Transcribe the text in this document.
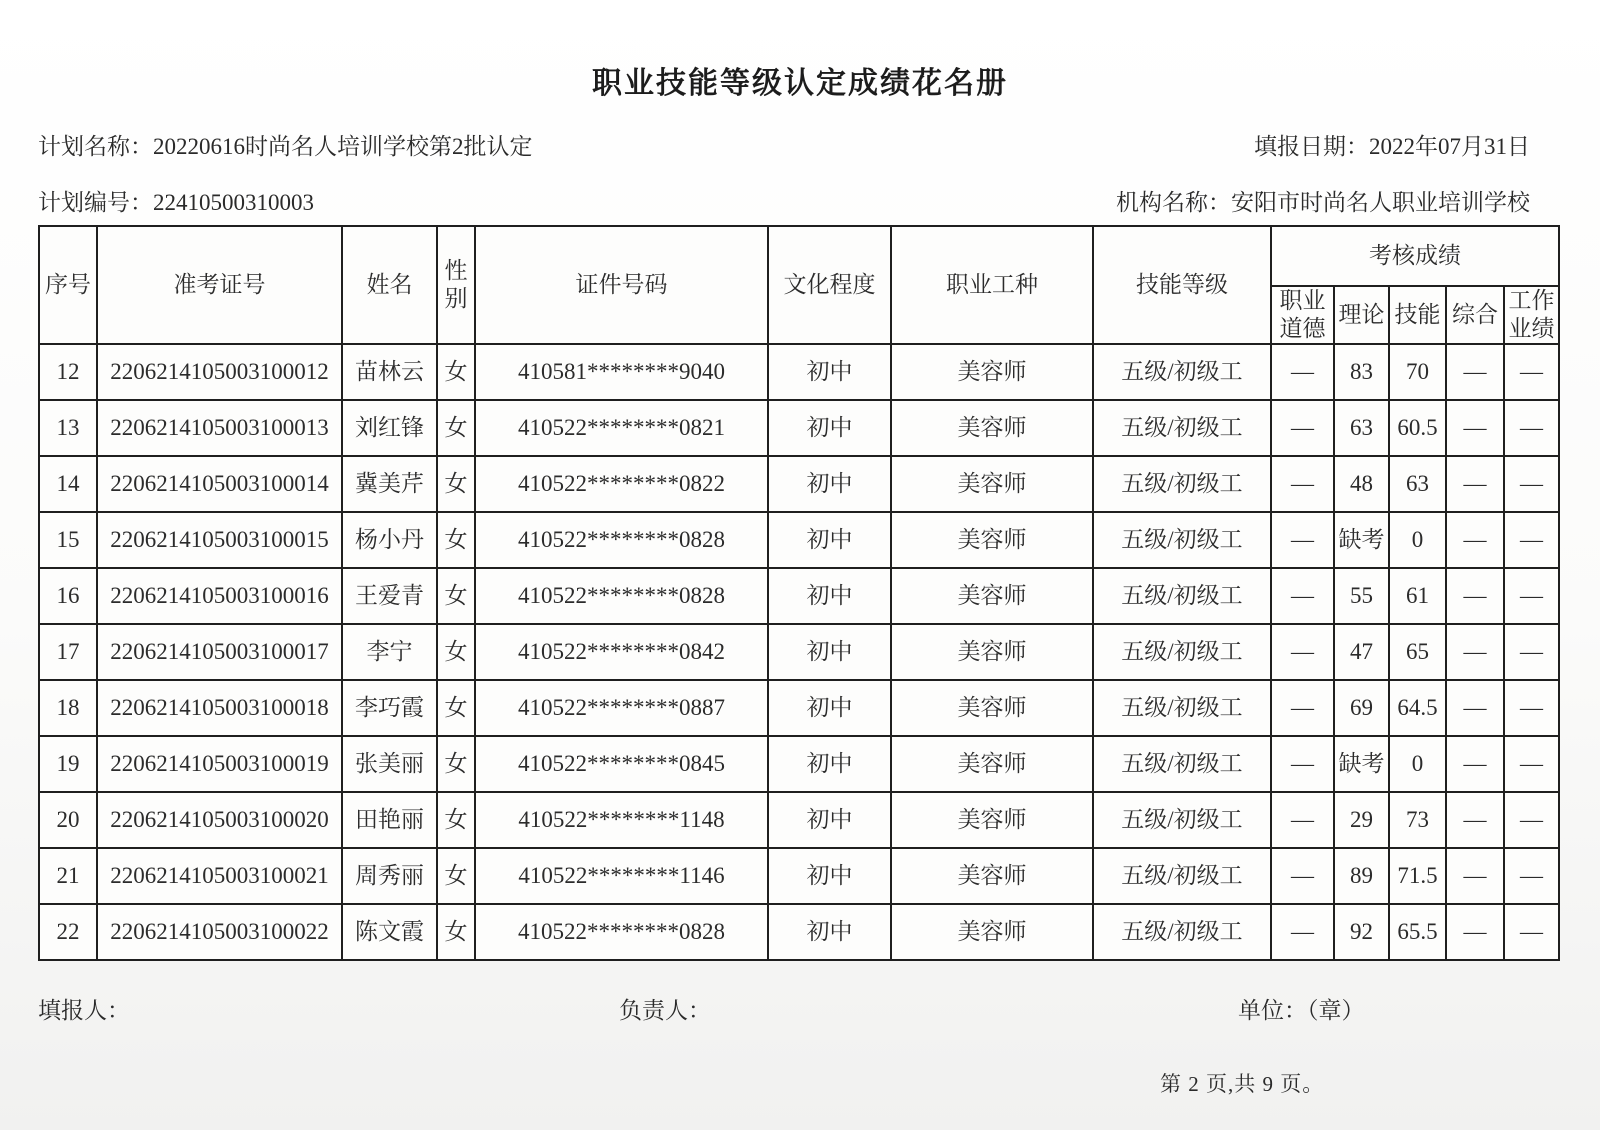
职业技能等级认定成绩花名册
计划名称：20220616时尚名人培训学校第2批认定	填报日期：2022年07月31日
计划编号：22410500310003	机构名称：安阳市时尚名人职业培训学校
序号	准考证号	姓名	性别	证件号码	文化程度	职业工种	技能等级	考核成绩				
								职业道德	理论	技能	综合	工作业绩
12	2206214105003100012	苗林云	女	410581********9040	初中	美容师	五级/初级工	—	83	70	—	—
13	2206214105003100013	刘红锋	女	410522********0821	初中	美容师	五级/初级工	—	63	60.5	—	—
14	2206214105003100014	冀美芹	女	410522********0822	初中	美容师	五级/初级工	—	48	63	—	—
15	2206214105003100015	杨小丹	女	410522********0828	初中	美容师	五级/初级工	—	缺考	0	—	—
16	2206214105003100016	王爱青	女	410522********0828	初中	美容师	五级/初级工	—	55	61	—	—
17	2206214105003100017	李宁	女	410522********0842	初中	美容师	五级/初级工	—	47	65	—	—
18	2206214105003100018	李巧霞	女	410522********0887	初中	美容师	五级/初级工	—	69	64.5	—	—
19	2206214105003100019	张美丽	女	410522********0845	初中	美容师	五级/初级工	—	缺考	0	—	—
20	2206214105003100020	田艳丽	女	410522********1148	初中	美容师	五级/初级工	—	29	73	—	—
21	2206214105003100021	周秀丽	女	410522********1146	初中	美容师	五级/初级工	—	89	71.5	—	—
22	2206214105003100022	陈文霞	女	410522********0828	初中	美容师	五级/初级工	—	92	65.5	—	—
填报人：	负责人：	单位：（章）
第 2 页,共 9 页。
